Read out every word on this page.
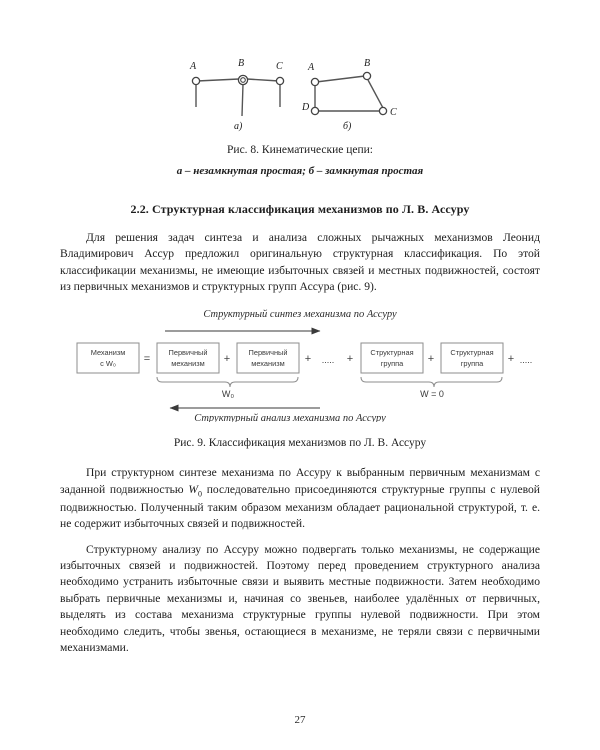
A	B	C
а)
A	B
C
D
б)
Рис. 8. Кинематические цепи:
а – незамкнутая простая; б – замкнутая простая
2.2. Структурная классификация механизмов по Л. В. Ассуру

Для решения задач синтеза и анализа сложных рычажных механизмов Леонид Владимирович Ассур предложил оригинальную структурная классификация. По этой классификации механизмы, не имеющие избыточных связей и местных подвижностей, состоят из первичных механизмов и структурных групп Ассура (рис. 9).

Структурный синтез механизма по Ассуру
Механизм
с W₀	=
Первичный
механизм +
Первичный
механизм + ..... +
Структурная
группа +
Структурная
группа + .....
W₀	W = 0
Структурный анализ механизма по Ассуру
Рис. 9. Классификация механизмов по Л. В. Ассуру

При структурном синтезе механизма по Ассуру к выбранным первичным механизмам с заданной подвижностью $W_0$ последовательно присоединяются структурные группы с нулевой подвижностью. Полученный таким образом механизм обладает рациональной структурой, т. е. не содержит избыточных связей и подвижностей.

Структурному анализу по Ассуру можно подвергать только механизмы, не содержащие избыточных связей и подвижностей. Поэтому перед проведением структурного анализа необходимо устранить избыточные связи и выявить местные подвижности. Затем необходимо выбрать первичные механизмы и, начиная со звеньев, наиболее удалённых от первичных, выделять из состава механизма структурные группы нулевой подвижности. При этом необходимо следить, чтобы звенья, остающиеся в механизме, не теряли связи с первичными механизмами.

27
